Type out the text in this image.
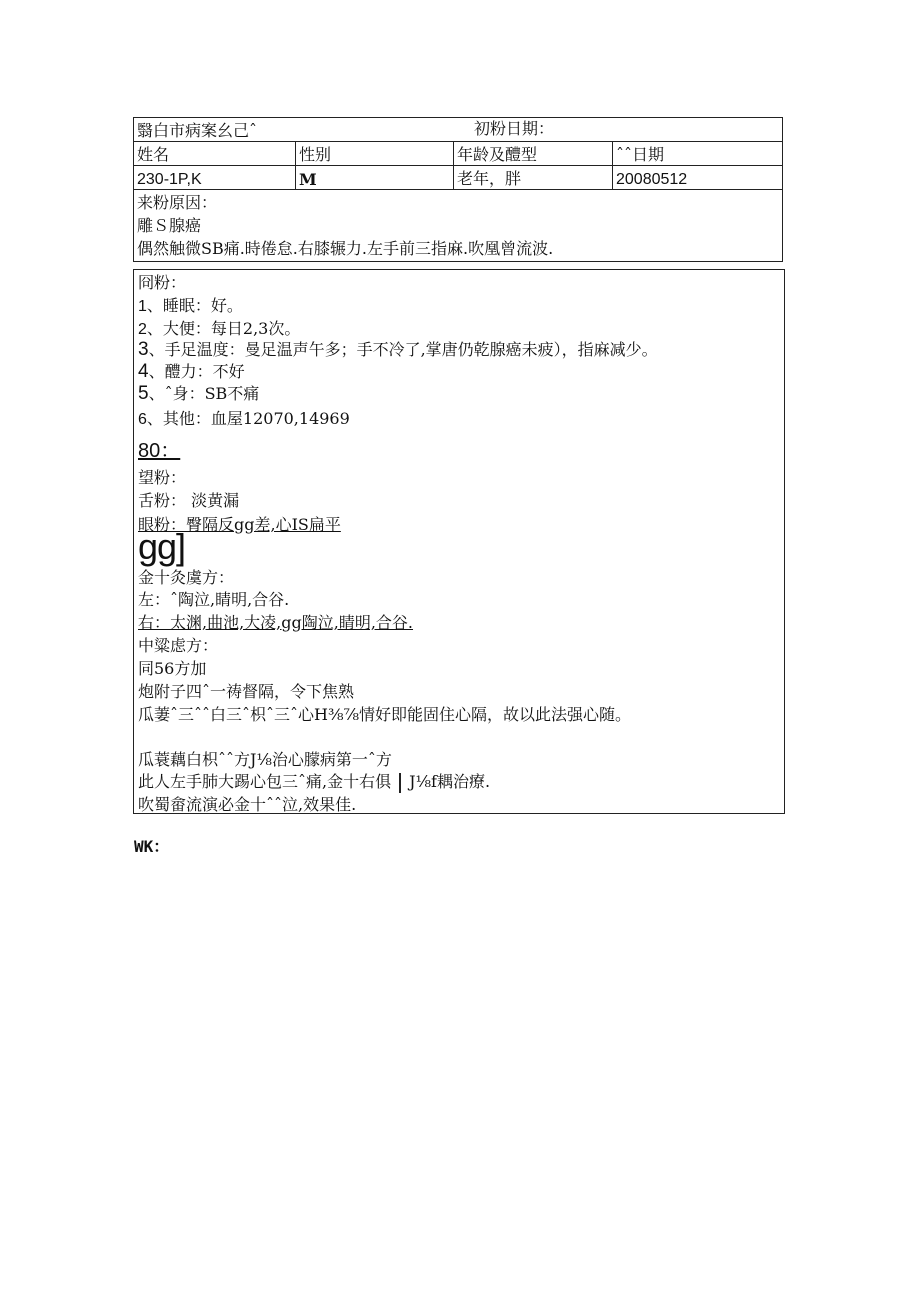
翳白市病案幺己ˆ 初粉日期：			

姓名	性别	年龄及醴型	ˆˆ日期
230-1P,K	M	老年，胖	20080512

来粉原因：
雕Ｓ腺癌
偶然触微SB痛.時倦怠.右膝辗力.左手前三指麻.吹凰曾流波.			
冏粉：
1、睡眠：好。
2、大便：每日2,3次。
3、手足温度：曼足温声午多；手不冷了,掌唐仍乾腺癌未疲），指麻减少。
4、醴力：不好
5、ˆ身：SB不痛
6、其他：血屋12070,14969
80：
望粉：
舌粉： 淡黄漏
眼粉：臀隔反gg差,心IS扁平
gg]
金十灸虞方：
左：ˆ陶泣,睛明,合谷.
右：太渊,曲池,大凌,gg陶泣,睛明,合谷.
中粱虑方：
同56方加
炮附子四ˆ一祷督隔，令下焦熟
瓜萋ˆ三ˆˆ白三ˆ枳ˆ三ˆ心H⅜⅞情好即能固住心隔，故以此法强心随。
瓜蓑藕白枳ˆˆ方J⅛治心朦病第一ˆ方
此人左手肺大踢心包三ˆ痛,金十右俱 J⅛f耦治療.
吹蜀畲流演必金十ˆˆ泣,效果佳.
WK：
